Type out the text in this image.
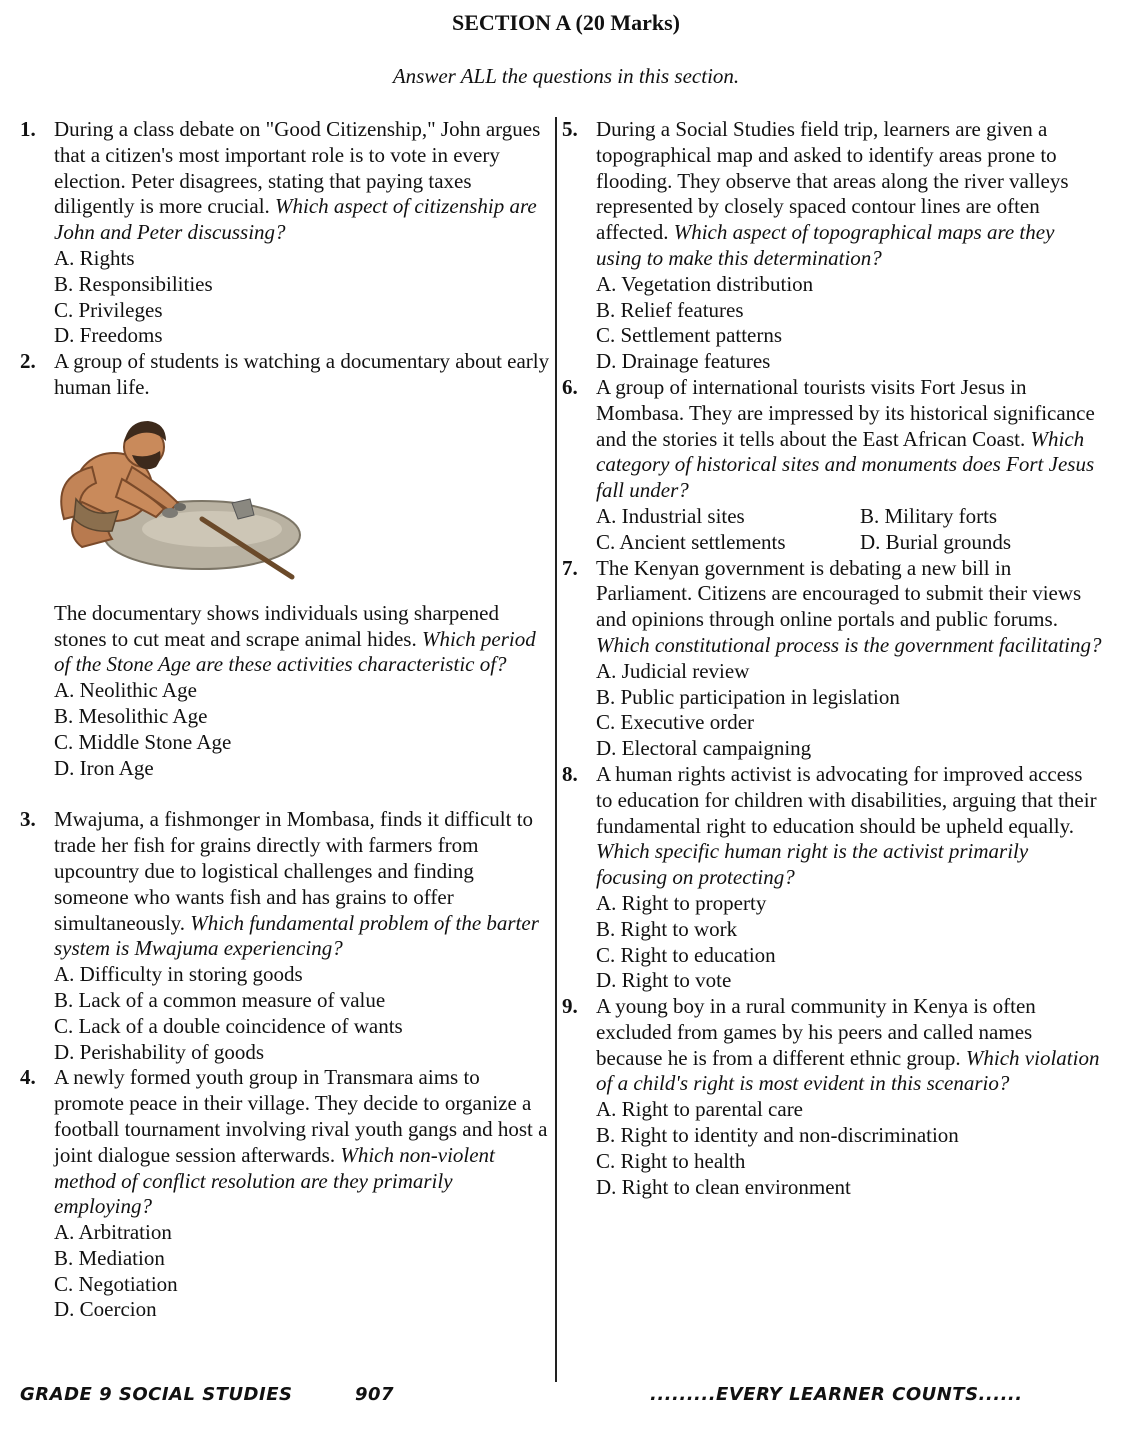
SECTION A (20 Marks)
Answer ALL the questions in this section.
1. During a class debate on "Good Citizenship," John argues that a citizen's most important role is to vote in every election. Peter disagrees, stating that paying taxes diligently is more crucial. Which aspect of citizenship are John and Peter discussing?
A. Rights
B. Responsibilities
C. Privileges
D. Freedoms
2. A group of students is watching a documentary about early human life.
The documentary shows individuals using sharpened stones to cut meat and scrape animal hides. Which period of the Stone Age are these activities characteristic of?
A. Neolithic Age
B. Mesolithic Age
C. Middle Stone Age
D. Iron Age
3. Mwajuma, a fishmonger in Mombasa, finds it difficult to trade her fish for grains directly with farmers from upcountry due to logistical challenges and finding someone who wants fish and has grains to offer simultaneously. Which fundamental problem of the barter system is Mwajuma experiencing?
A. Difficulty in storing goods
B. Lack of a common measure of value
C. Lack of a double coincidence of wants
D. Perishability of goods
4. A newly formed youth group in Transmara aims to promote peace in their village. They decide to organize a football tournament involving rival youth gangs and host a joint dialogue session afterwards. Which non-violent method of conflict resolution are they primarily employing?
A. Arbitration
B. Mediation
C. Negotiation
D. Coercion
5. During a Social Studies field trip, learners are given a topographical map and asked to identify areas prone to flooding. They observe that areas along the river valleys represented by closely spaced contour lines are often affected. Which aspect of topographical maps are they using to make this determination?
A. Vegetation distribution
B. Relief features
C. Settlement patterns
D. Drainage features
6. A group of international tourists visits Fort Jesus in Mombasa. They are impressed by its historical significance and the stories it tells about the East African Coast. Which category of historical sites and monuments does Fort Jesus fall under?
A. Industrial sites	B. Military forts
C. Ancient settlements	D. Burial grounds
7. The Kenyan government is debating a new bill in Parliament. Citizens are encouraged to submit their views and opinions through online portals and public forums. Which constitutional process is the government facilitating?
A. Judicial review
B. Public participation in legislation
C. Executive order
D. Electoral campaigning
8. A human rights activist is advocating for improved access to education for children with disabilities, arguing that their fundamental right to education should be upheld equally. Which specific human right is the activist primarily focusing on protecting?
A. Right to property
B. Right to work
C. Right to education
D. Right to vote
9. A young boy in a rural community in Kenya is often excluded from games by his peers and called names because he is from a different ethnic group. Which violation of a child's right is most evident in this scenario?
A. Right to parental care
B. Right to identity and non-discrimination
C. Right to health
D. Right to clean environment
GRADE 9 SOCIAL STUDIES	907	.........EVERY LEARNER COUNTS......
